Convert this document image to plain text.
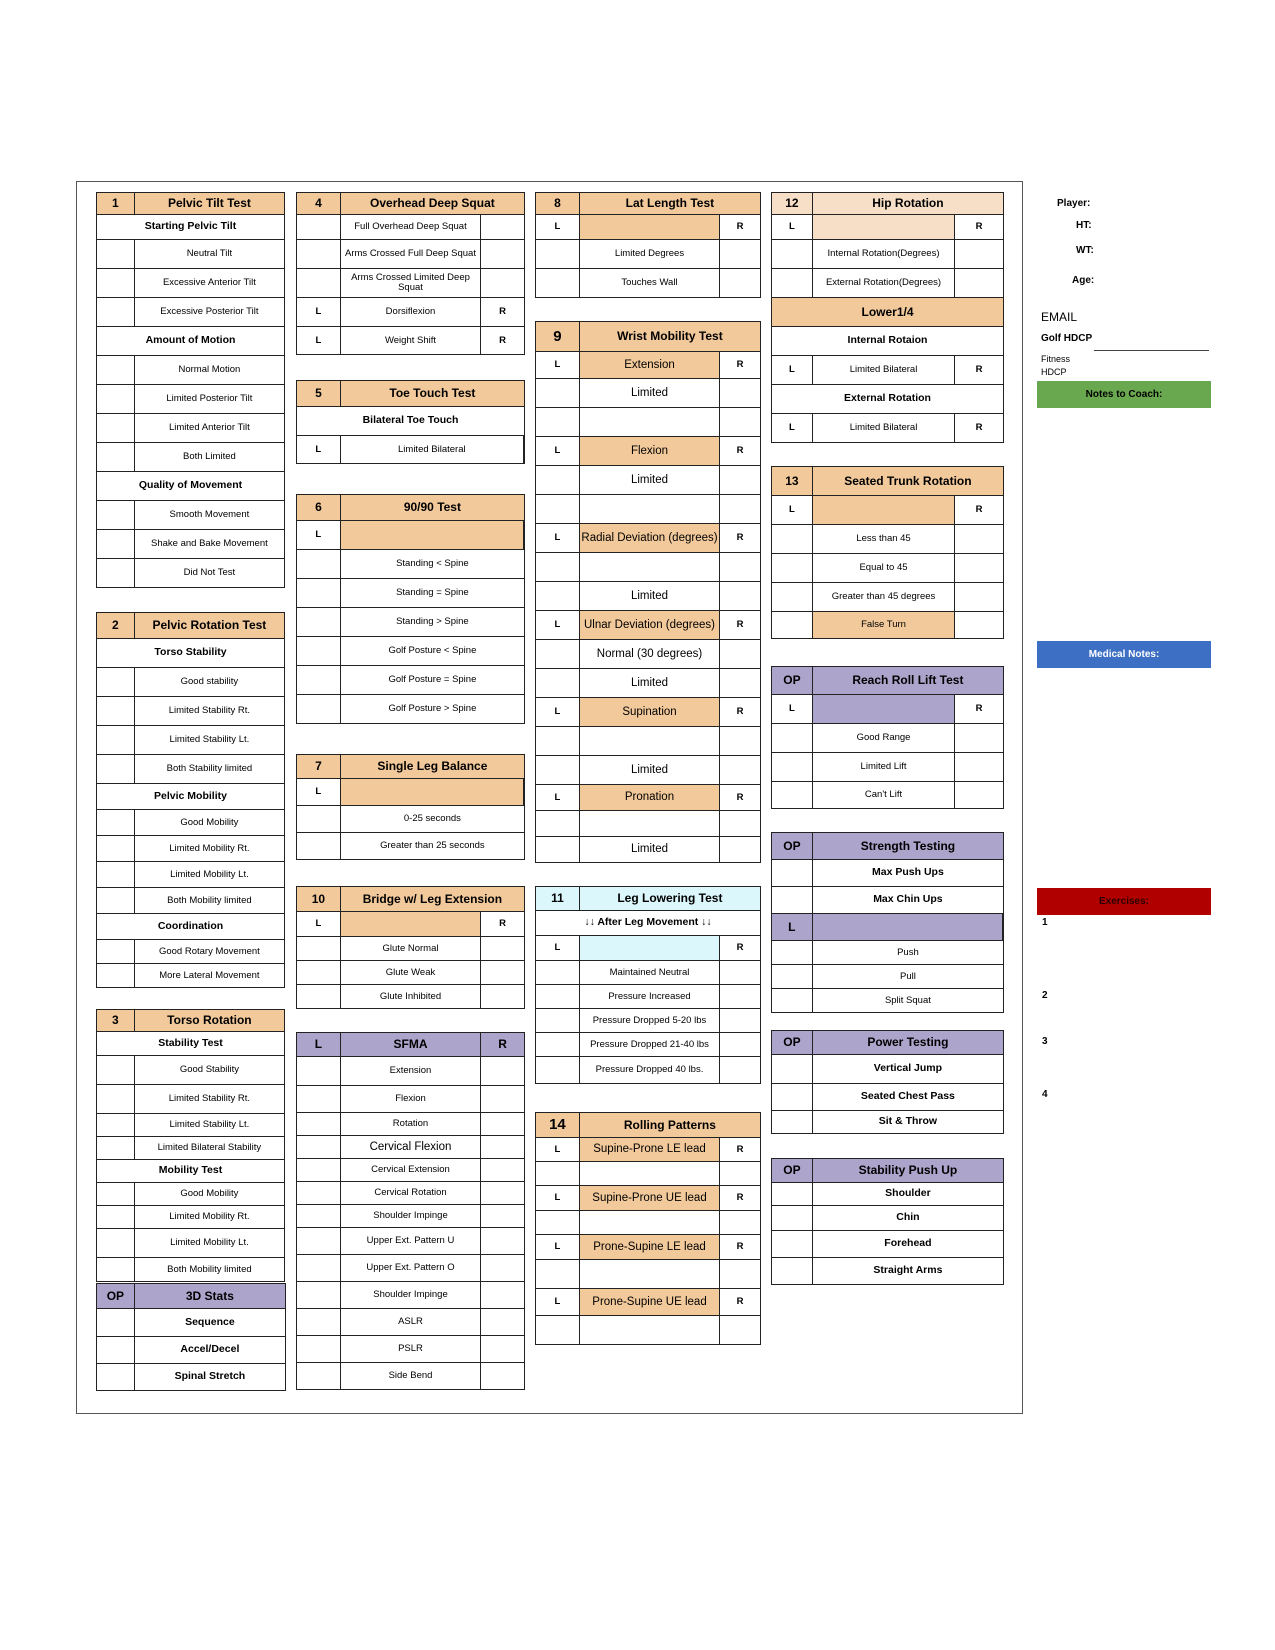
1	Pelvic Tilt Test
Starting Pelvic Tilt
Neutral Tilt
Excessive Anterior Tilt
Excessive Posterior Tilt
Amount of Motion
Normal Motion
Limited Posterior Tilt
Limited Anterior Tilt
Both Limited
Quality of Movement
Smooth Movement
Shake and Bake Movement
Did Not Test
2	Pelvic Rotation Test
Torso Stability
Good stability
Limited Stability Rt.
Limited Stability Lt.
Both Stability limited
Pelvic Mobility
Good Mobility
Limited Mobility Rt.
Limited Mobility Lt.
Both Mobility limited
Coordination
Good Rotary Movement
More Lateral Movement
3	Torso Rotation
Stability Test
Good Stability
Limited Stability Rt.
Limited Stability Lt.
Limited Bilateral Stability
Mobility Test
Good Mobility
Limited Mobility Rt.
Limited Mobility Lt.
Both Mobility limited
OP	3D Stats
Sequence
Accel/Decel
Spinal Stretch
4	Overhead Deep Squat
Full Overhead Deep Squat
Arms Crossed Full Deep Squat
Arms Crossed Limited Deep Squat
L	Dorsiflexion	R
L	Weight Shift	R
5	Toe Touch Test
Bilateral Toe Touch
L	Limited Bilateral
6	90/90 Test
L
Standing < Spine
Standing = Spine
Standing > Spine
Golf Posture < Spine
Golf Posture = Spine
Golf Posture > Spine
7	Single Leg Balance
L
0-25 seconds
Greater than 25 seconds
10	Bridge w/ Leg Extension
L	R
Glute Normal
Glute Weak
Glute Inhibited
L	SFMA	R
Extension
Flexion
Rotation
Cervical Flexion
Cervical Extension
Cervical Rotation
Shoulder Impinge
Upper Ext. Pattern U
Upper Ext. Pattern O
Shoulder Impinge
ASLR
PSLR
Side Bend
8	Lat Length Test
L	R
Limited Degrees
Touches Wall
9	Wrist Mobility Test
L	Extension	R
Limited
L	Flexion	R
Limited
L	Radial Deviation (degrees)	R
Limited
L	Ulnar Deviation (degrees)	R
Normal (30 degrees)
Limited
L	Supination	R
Limited
L	Pronation	R
Limited
11	Leg Lowering Test
↓↓ After Leg Movement ↓↓
L	R
Maintained Neutral
Pressure Increased
Pressure Dropped 5-20 lbs
Pressure Dropped 21-40 lbs
Pressure Dropped 40 lbs.
14	Rolling Patterns
L	Supine-Prone LE lead	R
L	Supine-Prone UE lead	R
L	Prone-Supine LE lead	R
L	Prone-Supine UE lead	R
12	Hip Rotation
L	R
Internal Rotation(Degrees)
External Rotation(Degrees)
Lower1/4
Internal Rotaion
L	Limited Bilateral	R
External Rotation
L	Limited Bilateral	R
13	Seated Trunk Rotation
L	R
Less than 45
Equal to 45
Greater than 45 degrees
False Turn
OP	Reach Roll Lift Test
L	R
Good Range
Limited Lift
Can't Lift
OP	Strength Testing
Max Push Ups
Max Chin Ups
L
Push
Pull
Split Squat
OP	Power Testing
Vertical Jump
Seated Chest Pass
Sit & Throw
OP	Stability Push Up
Shoulder
Chin
Forehead
Straight Arms
Player:
HT:
WT:
Age:
EMAIL
Golf HDCP
Fitness
HDCP
Notes to Coach:
Medical Notes:
Exercises:
1
2
3
4
